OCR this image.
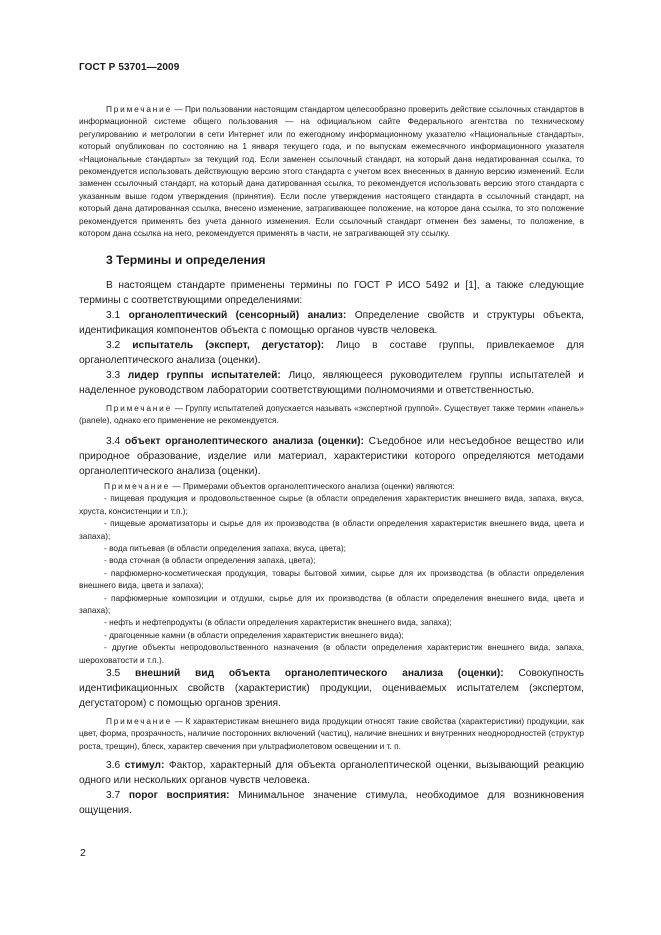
ГОСТ Р 53701—2009
Примечание — При пользовании настоящим стандартом целесообразно проверить действие ссылочных стандартов в информационной системе общего пользования — на официальном сайте Федерального агентства по техническому регулированию и метрологии в сети Интернет или по ежегодному информационному указателю «Национальные стандарты», который опубликован по состоянию на 1 января текущего года, и по выпускам ежемесячного информационного указателя «Национальные стандарты» за текущий год. Если заменен ссылочный стандарт, на который дана недатированная ссылка, то рекомендуется использовать действующую версию этого стандарта с учетом всех внесенных в данную версию изменений. Если заменен ссылочный стандарт, на который дана датированная ссылка, то рекомендуется использовать версию этого стандарта с указанным выше годом утверждения (принятия). Если после утверждения настоящего стандарта в ссылочный стандарт, на который дана датированная ссылка, внесено изменение, затрагивающее положение, на которое дана ссылка, то это положение рекомендуется применять без учета данного изменения. Если ссылочный стандарт отменен без замены, то положение, в котором дана ссылка на него, рекомендуется применять в части, не затрагивающей эту ссылку.
3 Термины и определения
В настоящем стандарте применены термины по ГОСТ Р ИСО 5492 и [1], а также следующие термины с соответствующими определениями:
3.1 органолептический (сенсорный) анализ: Определение свойств и структуры объекта, идентификация компонентов объекта с помощью органов чувств человека.
3.2 испытатель (эксперт, дегустатор): Лицо в составе группы, привлекаемое для органолептического анализа (оценки).
3.3 лидер группы испытателей: Лицо, являющееся руководителем группы испытателей и наделенное руководством лаборатории соответствующими полномочиями и ответственностью.
Примечание — Группу испытателей допускается называть «экспертной группой». Существует также термин «панель» (panele), однако его применение не рекомендуется.
3.4 объект органолептического анализа (оценки): Съедобное или несъедобное вещество или природное образование, изделие или материал, характеристики которого определяются методами органолептического анализа (оценки).

Примечание — Примерами объектов органолептического анализа (оценки) являются:

- пищевая продукция и продовольственное сырье (в области определения характеристик внешнего вида, запаха, вкуса, хруста, консистенции и т.п.);

- пищевые ароматизаторы и сырье для их производства (в области определения характеристик внешнего вида, цвета и запаха);

- вода питьевая (в области определения запаха, вкуса, цвета);

- вода сточная (в области определения запаха, цвета);

- парфюмерно-косметическая продукция, товары бытовой химии, сырье для их производства (в области определения внешнего вида, цвета и запаха);

- парфюмерные композиции и отдушки, сырье для их производства (в области определения внешнего вида, цвета и запаха);

- нефть и нефтепродукты (в области определения характеристик внешнего вида, запаха);

- драгоценные камни (в области определения характеристик внешнего вида);

- другие объекты непродовольственного назначения (в области определения характеристик внешнего вида, запаха, шероховатости и т.п.).

3.5 внешний вид объекта органолептического анализа (оценки): Совокупность идентификационных свойств (характеристик) продукции, оцениваемых испытателем (экспертом, дегустатором) с помощью органов зрения.
Примечание — К характеристикам внешнего вида продукции относят такие свойства (характеристики) продукции, как цвет, форма, прозрачность, наличие посторонних включений (частиц), наличие внешних и внутренних неоднородностей (структур роста, трещин), блеск, характер свечения при ультрафиолетовом освещении и т. п.
3.6 стимул: Фактор, характерный для объекта органолептической оценки, вызывающий реакцию одного или нескольких органов чувств человека.
3.7 порог восприятия: Минимальное значение стимула, необходимое для возникновения ощущения.
2
